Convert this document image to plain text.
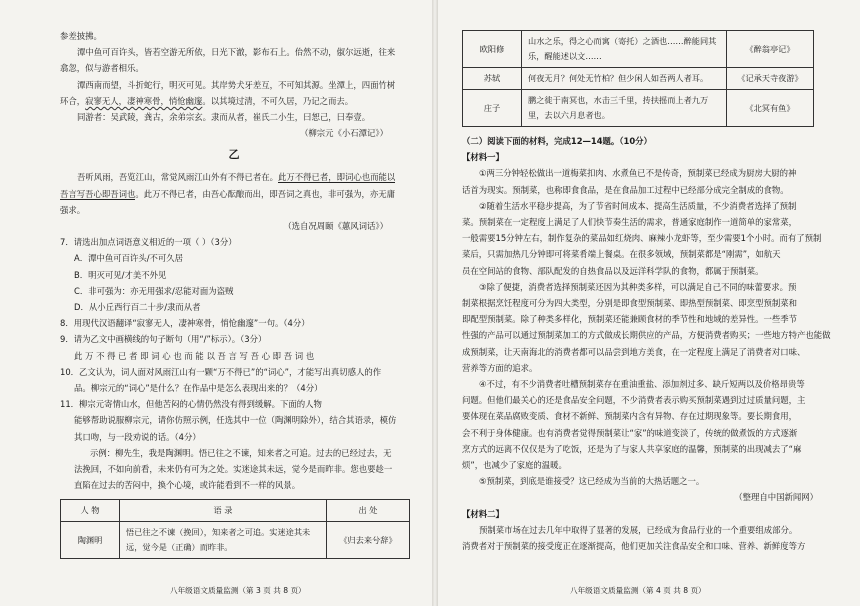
参差披拂。

潭中鱼可百许头，皆若空游无所依，日光下澈，影布石上。佁然不动，俶尔远逝，往来

翕忽，似与游者相乐。

潭西南而望，斗折蛇行，明灭可见。其岸势犬牙差互，不可知其源。坐潭上，四面竹树

环合，寂寥无人，凄神寒骨，悄怆幽邃。以其境过清，不可久居，乃记之而去。

同游者：吴武陵，龚古，余弟宗玄。隶而从者，崔氏二小生，曰恕己，曰奉壹。

（柳宗元《小石潭记》）

乙

吾听风雨，吾览江山，常觉风雨江山外有不得已者在。此万不得已者，即词心也而能以

吾言写吾心即吾词也。此万不得已者，由吾心酝酿而出，即吾词之真也，非可强为，亦无庸

强求。

（选自况周颐《蕙风词话》）

7．请选出加点词语意义相近的一项（ ）（3分）

A．潭中鱼可百许头/不可久居

B．明灭可见/才美不外见

C．非可强为：亦无用强求/忍能对面为盗贼

D．从小丘西行百二十步/隶而从者

8．用现代汉语翻译“寂寥无人，凄神寒骨，悄怆幽邃”一句。（4分）

9．请为乙文中画横线的句子断句（用“/”标示）。（3分）

此 万 不 得 已 者 即 词 心 也 而 能 以 吾 言 写 吾 心 即 吾 词 也

10．乙文认为，词人面对风雨江山有一颗“万不得已”的“词心”，才能写出真切感人的作

品。柳宗元的“词心”是什么？在作品中是怎么表现出来的？（4分）

11．柳宗元寄情山水，但他苦闷的心情仍然没有得到缓解。下面的人物

能够帮助说服柳宗元，请你仿照示例，任选其中一位（陶渊明除外），结合其语录，模仿

其口吻，与一段劝说的话。（4分）

示例：柳先生，我是陶渊明。悟已往之不谏，知来者之可追。过去的已经过去，无

法挽回，不如向前看，未来仍有可为之处。实迷途其未远，觉今是而昨非。您也要趁一

直陷在过去的苦闷中，换个心境，或许能看到不一样的风景。

人 物	语 录	出 处
陶渊明	悟已往之不谏（挽回），知来者之可追。实迷途其未远，觉今是（正确）而昨非。	《归去来兮辞》
八年级语文质量监测（第 3 页 共 8 页）
欧阳修	山水之乐，得之心而寓（寄托）之酒也……醉能同其乐，醒能述以文……	《醉翁亭记》
苏轼	何夜无月？何处无竹柏？但少闲人如吾两人者耳。	《记承天寺夜游》
庄子	鹏之徙于南冥也，水击三千里，抟扶摇而上者九万里，去以六月息者也。	《北冥有鱼》

（二）阅读下面的材料，完成12—14题。（10分）

【材料一】

①两三分钟轻松做出一道梅菜扣肉、水煮鱼已不是传奇，预制菜已经成为厨房大厨的神

话首为现实。预制菜，也称即食食品，是在食品加工过程中已经部分成完全制成的食物。

②随着生活水平稳步提高，为了节省时间成本、提高生活质量，不少消费者选择了预制

菜。预制菜在一定程度上满足了人们快节奏生活的需求，普通家庭制作一道简单的家常菜，

一般需要15分钟左右，制作复杂的菜品如红烧肉、麻辣小龙虾等，至少需要1个小时。而有了预制

菜后，只需加热几分钟即可将菜肴端上餐桌。在很多领域，预制菜都是“刚需”，如航天

员在空间站的食物、部队配发的自热食品以及远洋科学队的食物，都属于预制菜。

③除了便捷，消费者选择预制菜还因为其种类多样，可以满足自己不同的味蕾要求。预

制菜根据烹饪程度可分为四大类型，分别是即食型预制菜、即热型预制菜、即烹型预制菜和

即配型预制菜。除了种类多样化，预制菜还能兼顾食材的季节性和地域的差异性。一些季节

性强的产品可以通过预制菜加工的方式做成长期供应的产品，方便消费者购买；一些地方特产也能做

成预制菜，让天南海北的消费者都可以品尝到地方美食，在一定程度上满足了消费者对口味、

营养等方面的追求。

④不过，有不少消费者吐槽预制菜存在重油重盐、添加剂过多、缺斤短两以及价格昂贵等

问题。但他们最关心的还是食品安全问题，不少消费者表示购买预制菜遇到过过质量问题，主

要体现在菜品腐败变质、食材不新鲜、预制菜内含有异物、存在过期现象等。要长期食用，

会不利于身体健康。也有消费者觉得预制菜让“家”的味道变淡了，传统的做煮饭的方式逐渐

烹方式的远离不仅仅是为了吃饭，还是为了与家人共享家庭的温馨，预制菜的出现减去了“麻

烦”，也减少了家庭的温暖。

⑤预制菜，到底是谁接受？这已经成为当前的大热话题之一。

（整理自中国新闻网）

【材料二】

预制菜市场在过去几年中取得了显著的发展，已经成为食品行业的一个重要组成部分。

消费者对于预制菜的接受度正在逐渐提高，他们更加关注食品安全和口味、营养、新鲜度等方

八年级语文质量监测（第 4 页 共 8 页）
